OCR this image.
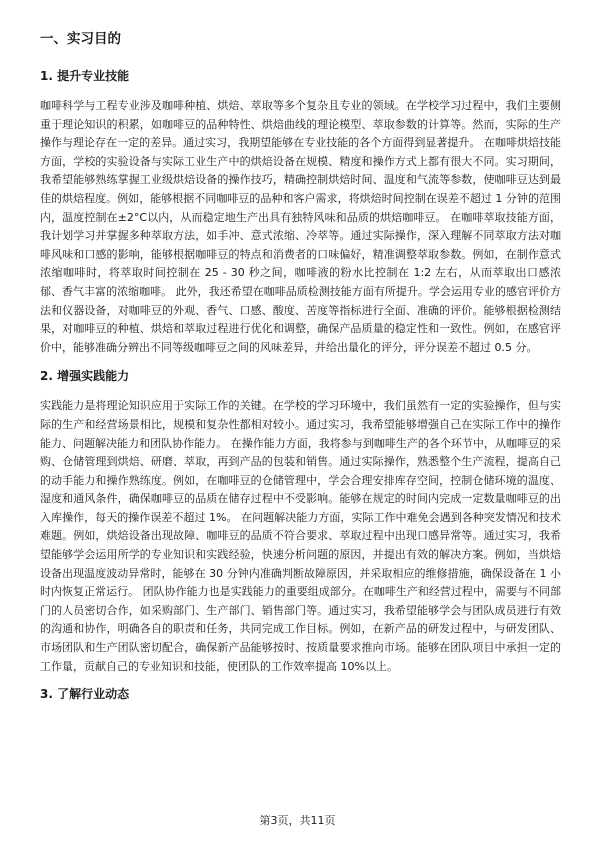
一、实习目的
1. 提升专业技能

咖啡科学与工程专业涉及咖啡种植、烘焙、萃取等多个复杂且专业的领域。在学校学习过程中，我们主要侧重于理论知识的积累，如咖啡豆的品种特性、烘焙曲线的理论模型、萃取参数的计算等。然而，实际的生产操作与理论存在一定的差异。通过实习，我期望能够在专业技能的各个方面得到显著提升。 在咖啡烘焙技能方面，学校的实验设备与实际工业生产中的烘焙设备在规模、精度和操作方式上都有很大不同。实习期间，我希望能够熟练掌握工业级烘焙设备的操作技巧，精确控制烘焙时间、温度和气流等参数，使咖啡豆达到最佳的烘焙程度。例如，能够根据不同咖啡豆的品种和客户需求，将烘焙时间控制在误差不超过 1 分钟的范围内，温度控制在±2°C以内，从而稳定地生产出具有独特风味和品质的烘焙咖啡豆。 在咖啡萃取技能方面，我计划学习并掌握多种萃取方法，如手冲、意式浓缩、冷萃等。通过实际操作，深入理解不同萃取方法对咖啡风味和口感的影响，能够根据咖啡豆的特点和消费者的口味偏好，精准调整萃取参数。例如，在制作意式浓缩咖啡时，将萃取时间控制在 25 - 30 秒之间，咖啡液的粉水比控制在 1:2 左右，从而萃取出口感浓郁、香气丰富的浓缩咖啡。 此外，我还希望在咖啡品质检测技能方面有所提升。学会运用专业的感官评价方法和仪器设备，对咖啡豆的外观、香气、口感、酸度、苦度等指标进行全面、准确的评价。能够根据检测结果，对咖啡豆的种植、烘焙和萃取过程进行优化和调整，确保产品质量的稳定性和一致性。例如，在感官评价中，能够准确分辨出不同等级咖啡豆之间的风味差异，并给出量化的评分，评分误差不超过 0.5 分。

2. 增强实践能力

实践能力是将理论知识应用于实际工作的关键。在学校的学习环境中，我们虽然有一定的实验操作，但与实际的生产和经营场景相比，规模和复杂性都相对较小。通过实习，我希望能够增强自己在实际工作中的操作能力、问题解决能力和团队协作能力。 在操作能力方面，我将参与到咖啡生产的各个环节中，从咖啡豆的采购、仓储管理到烘焙、研磨、萃取，再到产品的包装和销售。通过实际操作，熟悉整个生产流程，提高自己的动手能力和操作熟练度。例如，在咖啡豆的仓储管理中，学会合理安排库存空间，控制仓储环境的温度、湿度和通风条件，确保咖啡豆的品质在储存过程中不受影响。能够在规定的时间内完成一定数量咖啡豆的出入库操作，每天的操作误差不超过 1%。 在问题解决能力方面，实际工作中难免会遇到各种突发情况和技术难题。例如，烘焙设备出现故障、咖啡豆的品质不符合要求、萃取过程中出现口感异常等。通过实习，我希望能够学会运用所学的专业知识和实践经验，快速分析问题的原因，并提出有效的解决方案。例如，当烘焙设备出现温度波动异常时，能够在 30 分钟内准确判断故障原因，并采取相应的维修措施，确保设备在 1 小时内恢复正常运行。 团队协作能力也是实践能力的重要组成部分。在咖啡生产和经营过程中，需要与不同部门的人员密切合作，如采购部门、生产部门、销售部门等。通过实习，我希望能够学会与团队成员进行有效的沟通和协作，明确各自的职责和任务，共同完成工作目标。例如，在新产品的研发过程中，与研发团队、市场团队和生产团队密切配合，确保新产品能够按时、按质量要求推向市场。能够在团队项目中承担一定的工作量，贡献自己的专业知识和技能，使团队的工作效率提高 10%以上。

3. 了解行业动态
第3页，共11页
